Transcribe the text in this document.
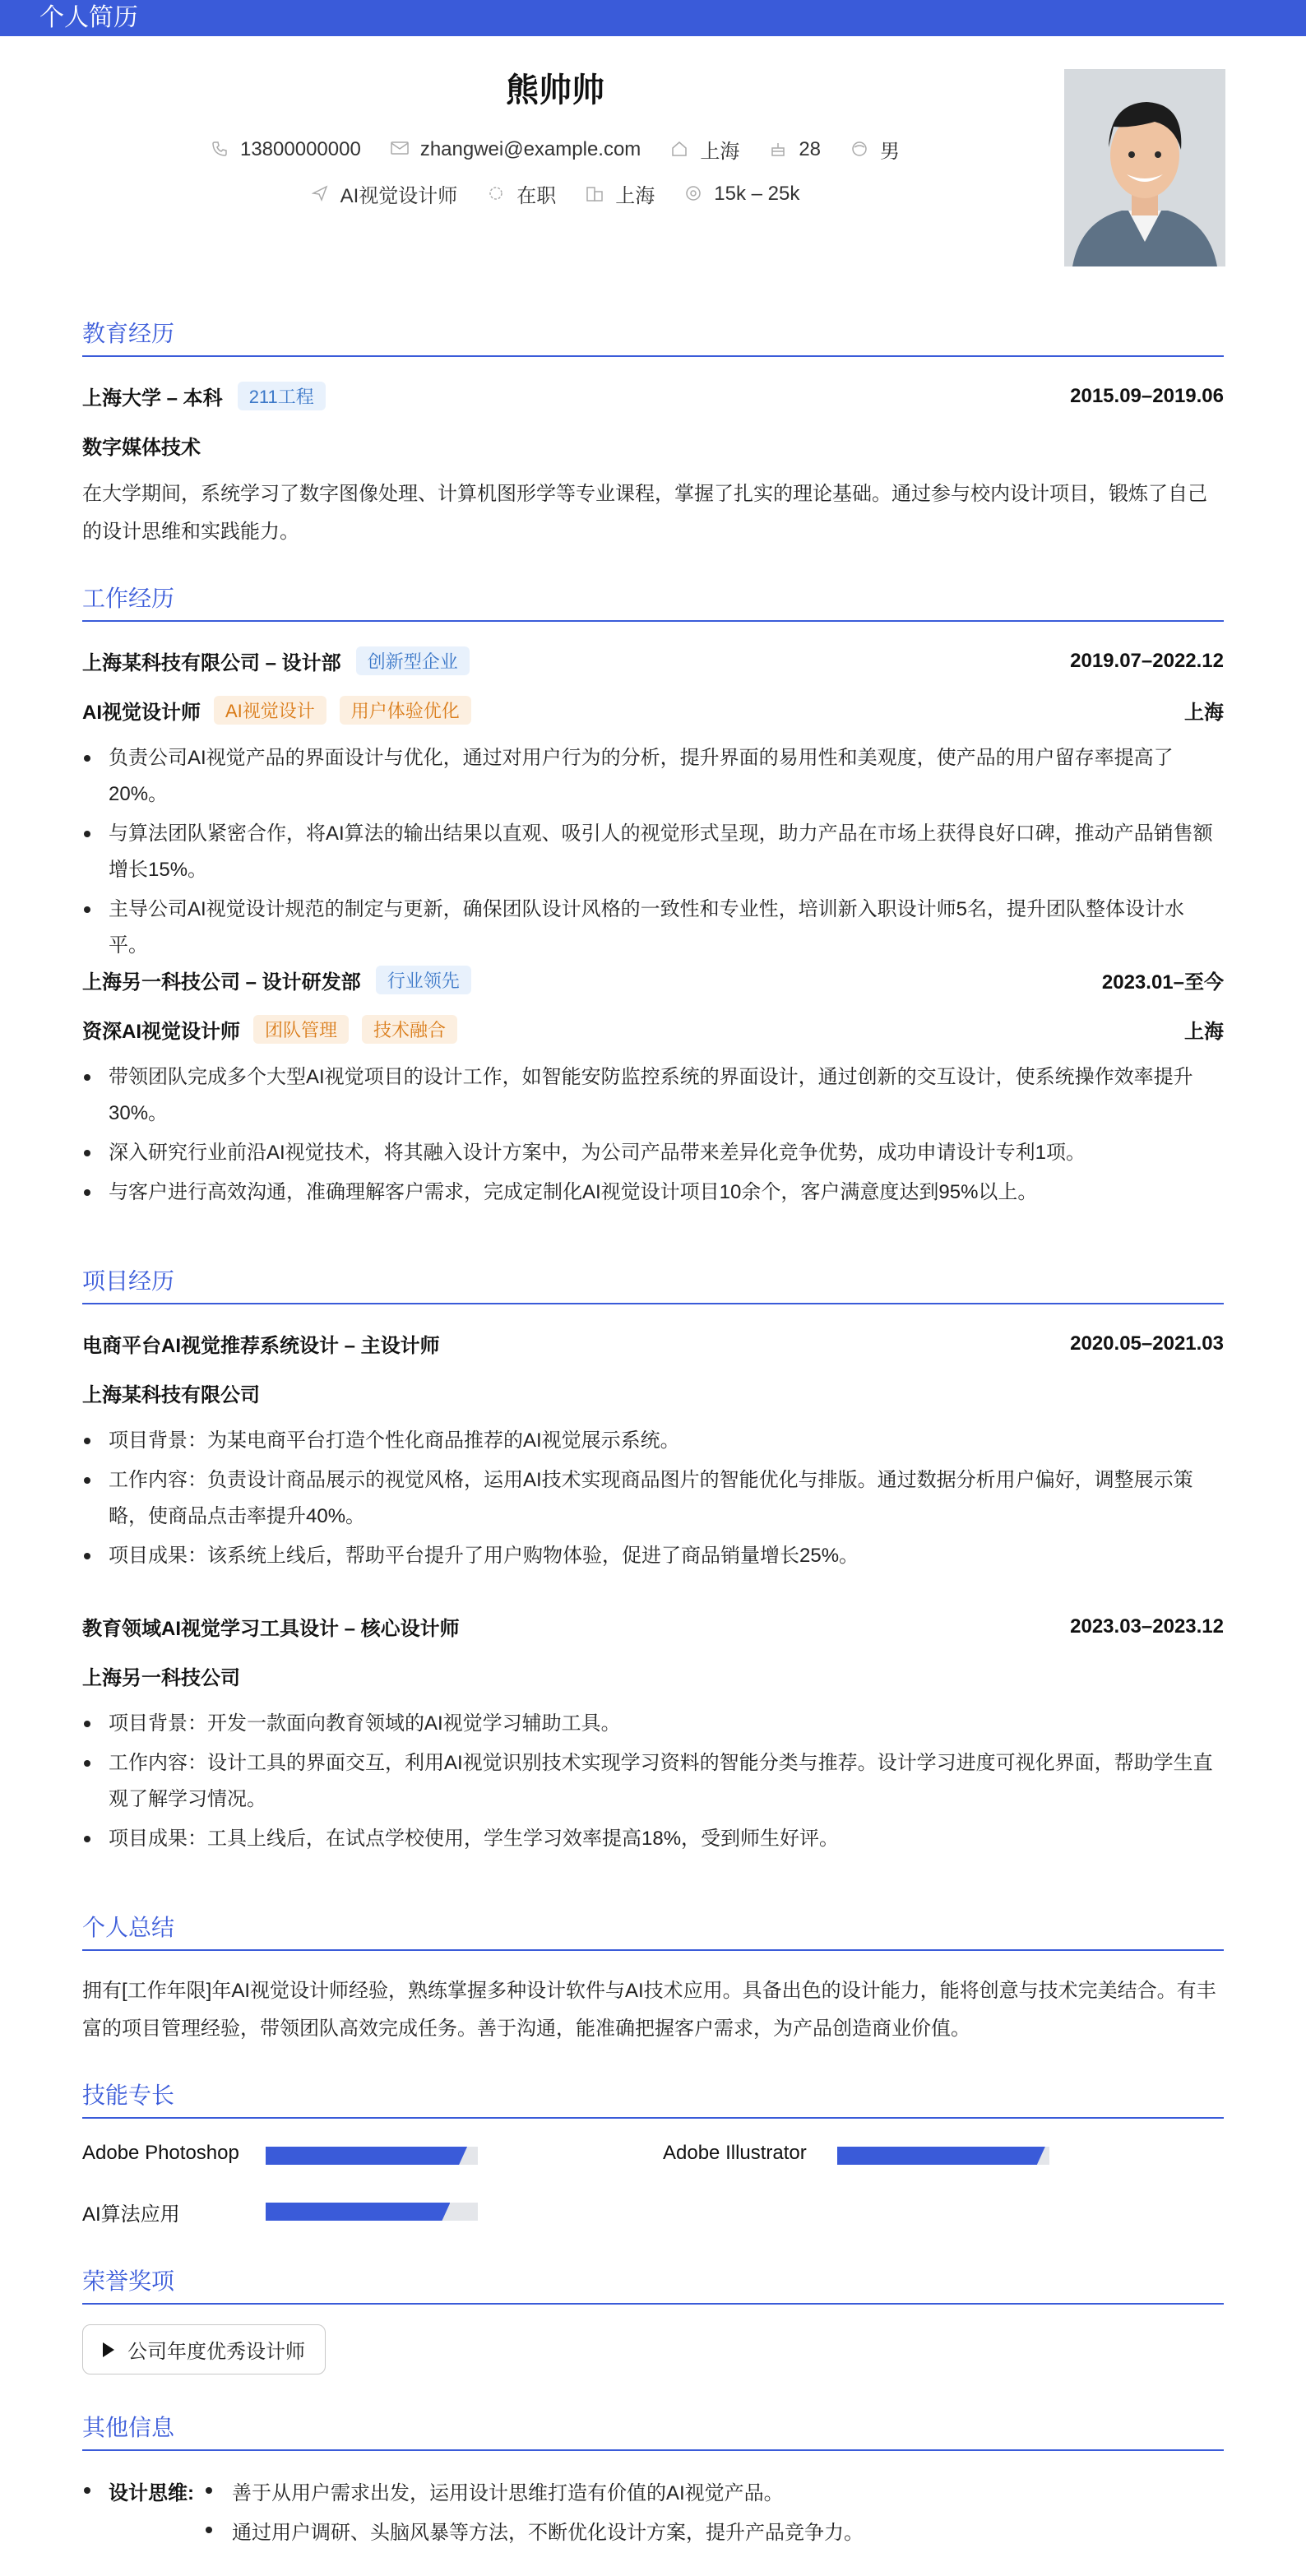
个人简历
熊帅帅
13800000000	zhangwei@example.com	上海	28	男
AI视觉设计师	在职	上海	15k – 25k
教育经历
上海大学 – 本科	211工程	2015.09–2019.06
数字媒体技术
在大学期间，系统学习了数字图像处理、计算机图形学等专业课程，掌握了扎实的理论基础。通过参与校内设计项目，锻炼了自己的设计思维和实践能力。
工作经历
上海某科技有限公司 – 设计部	创新型企业	2019.07–2022.12
AI视觉设计师	AI视觉设计	用户体验优化	上海
负责公司AI视觉产品的界面设计与优化，通过对用户行为的分析，提升界面的易用性和美观度，使产品的用户留存率提高了20%。
与算法团队紧密合作，将AI算法的输出结果以直观、吸引人的视觉形式呈现，助力产品在市场上获得良好口碑，推动产品销售额增长15%。
主导公司AI视觉设计规范的制定与更新，确保团队设计风格的一致性和专业性，培训新入职设计师5名，提升团队整体设计水平。
上海另一科技公司 – 设计研发部	行业领先	2023.01–至今
资深AI视觉设计师	团队管理	技术融合	上海
带领团队完成多个大型AI视觉项目的设计工作，如智能安防监控系统的界面设计，通过创新的交互设计，使系统操作效率提升30%。
深入研究行业前沿AI视觉技术，将其融入设计方案中，为公司产品带来差异化竞争优势，成功申请设计专利1项。
与客户进行高效沟通，准确理解客户需求，完成定制化AI视觉设计项目10余个，客户满意度达到95%以上。
项目经历
电商平台AI视觉推荐系统设计 – 主设计师	2020.05–2021.03
上海某科技有限公司
项目背景：为某电商平台打造个性化商品推荐的AI视觉展示系统。
工作内容：负责设计商品展示的视觉风格，运用AI技术实现商品图片的智能优化与排版。通过数据分析用户偏好，调整展示策略，使商品点击率提升40%。
项目成果：该系统上线后，帮助平台提升了用户购物体验，促进了商品销量增长25%。
教育领域AI视觉学习工具设计 – 核心设计师	2023.03–2023.12
上海另一科技公司
项目背景：开发一款面向教育领域的AI视觉学习辅助工具。
工作内容：设计工具的界面交互，利用AI视觉识别技术实现学习资料的智能分类与推荐。设计学习进度可视化界面，帮助学生直观了解学习情况。
项目成果：工具上线后，在试点学校使用，学生学习效率提高18%，受到师生好评。
个人总结
拥有[工作年限]年AI视觉设计师经验，熟练掌握多种设计软件与AI技术应用。具备出色的设计能力，能将创意与技术完美结合。有丰富的项目管理经验，带领团队高效完成任务。善于沟通，能准确把握客户需求，为产品创造商业价值。
技能专长
Adobe Photoshop	Adobe Illustrator
AI算法应用
荣誉奖项
公司年度优秀设计师
其他信息
设计思维: 善于从用户需求出发，运用设计思维打造有价值的AI视觉产品。
通过用户调研、头脑风暴等方法，不断优化设计方案，提升产品竞争力。
